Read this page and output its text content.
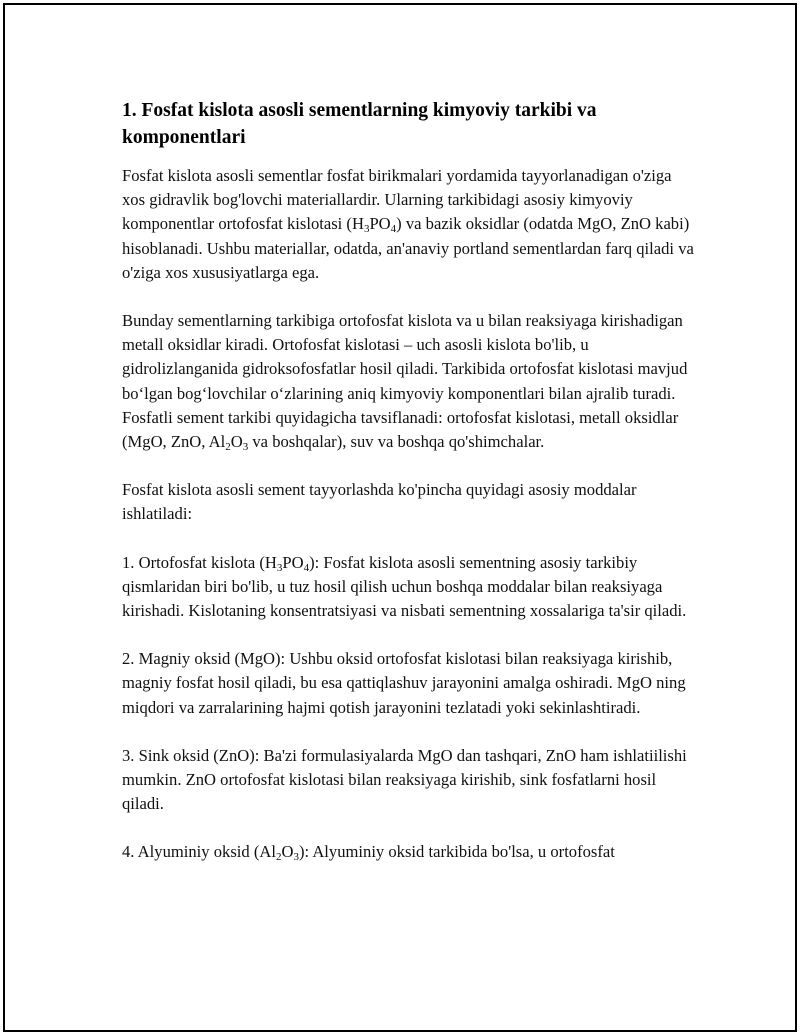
1. Fosfat kislota asosli sementlarning kimyoviy tarkibi va komponentlari

Fosfat kislota asosli sementlar fosfat birikmalari yordamida tayyorlanadigan o'ziga xos gidravlik bog'lovchi materiallardir. Ularning tarkibidagi asosiy kimyoviy komponentlar ortofosfat kislotasi $(H_3PO_4)$ va bazik oksidlar (odatda MgO, ZnO kabi) hisoblanadi. Ushbu materiallar, odatda, an'anaviy portland sementlardan farq qiladi va o'ziga xos xususiyatlarga ega.

Bunday sementlarning tarkibiga ortofosfat kislota va u bilan reaksiyaga kirishadigan metall oksidlar kiradi. Ortofosfat kislotasi – uch asosli kislota bo'lib, u gidrolizlanganida gidroksofosfatlar hosil qiladi. Tarkibida ortofosfat kislotasi mavjud boʻlgan bogʻlovchilar oʻzlarining aniq kimyoviy komponentlari bilan ajralib turadi. Fosfatli sement tarkibi quyidagicha tavsiflanadi: ortofosfat kislotasi, metall oksidlar (MgO, ZnO, $Al_2O_3$ va boshqalar), suv va boshqa qo'shimchalar.

Fosfat kislota asosli sement tayyorlashda ko'pincha quyidagi asosiy moddalar ishlatiladi:

1. Ortofosfat kislota $(H_3PO_4)$: Fosfat kislota asosli sementning asosiy tarkibiy qismlaridan biri bo'lib, u tuz hosil qilish uchun boshqa moddalar bilan reaksiyaga kirishadi. Kislotaning konsentratsiyasi va nisbati sementning xossalariga ta'sir qiladi.

2. Magniy oksid (MgO): Ushbu oksid ortofosfat kislotasi bilan reaksiyaga kirishib, magniy fosfat hosil qiladi, bu esa qattiqlashuv jarayonini amalga oshiradi. MgO ning miqdori va zarralarining hajmi qotish jarayonini tezlatadi yoki sekinlashtiradi.

3. Sink oksid (ZnO): Ba'zi formulasiyalarda MgO dan tashqari, ZnO ham ishlatiilishi mumkin. ZnO ortofosfat kislotasi bilan reaksiyaga kirishib, sink fosfatlarni hosil qiladi.

4. Alyuminiy oksid $(Al_2O_3)$: Alyuminiy oksid tarkibida bo'lsa, u ortofosfat
